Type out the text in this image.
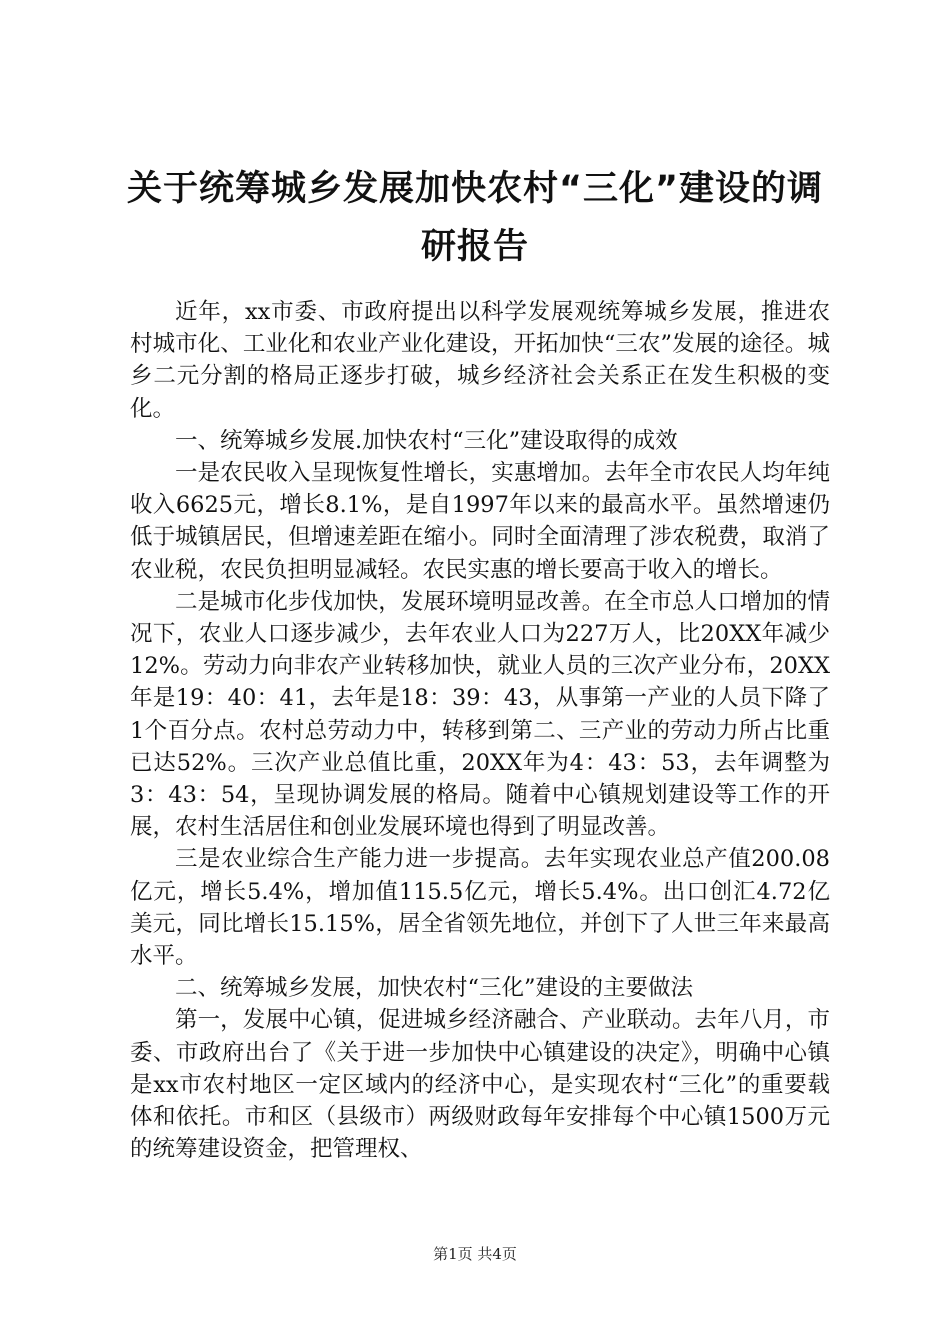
关于统筹城乡发展加快农村“三化”建设的调研报告

近年，xx市委、市政府提出以科学发展观统筹城乡发展，推进农村城市化、工业化和农业产业化建设，开拓加快“三农”发展的途径。城乡二元分割的格局正逐步打破，城乡经济社会关系正在发生积极的变化。

一、统筹城乡发展.加快农村“三化”建设取得的成效

一是农民收入呈现恢复性增长，实惠增加。去年全市农民人均年纯收入6625元，增长8.1%，是自1997年以来的最高水平。虽然增速仍低于城镇居民，但增速差距在缩小。同时全面清理了涉农税费，取消了农业税，农民负担明显减轻。农民实惠的增长要高于收入的增长。

二是城市化步伐加快，发展环境明显改善。在全市总人口增加的情况下，农业人口逐步减少，去年农业人口为227万人，比20XX年减少12%。劳动力向非农产业转移加快，就业人员的三次产业分布，20XX年是19：40：41，去年是18：39：43，从事第一产业的人员下降了1个百分点。农村总劳动力中，转移到第二、三产业的劳动力所占比重已达52%。三次产业总值比重，20XX年为4：43：53，去年调整为3：43：54，呈现协调发展的格局。随着中心镇规划建设等工作的开展，农村生活居住和创业发展环境也得到了明显改善。

三是农业综合生产能力进一步提高。去年实现农业总产值200.08亿元，增长5.4%，增加值115.5亿元，增长5.4%。出口创汇4.72亿美元，同比增长15.15%，居全省领先地位，并创下了人世三年来最高水平。

二、统筹城乡发展，加快农村“三化”建设的主要做法

第一，发展中心镇，促进城乡经济融合、产业联动。去年八月，市委、市政府出台了《关于进一步加快中心镇建设的决定》，明确中心镇是xx市农村地区一定区域内的经济中心，是实现农村“三化”的重要载体和依托。市和区（县级市）两级财政每年安排每个中心镇1500万元的统筹建设资金，把管理权、

第1页 共4页
